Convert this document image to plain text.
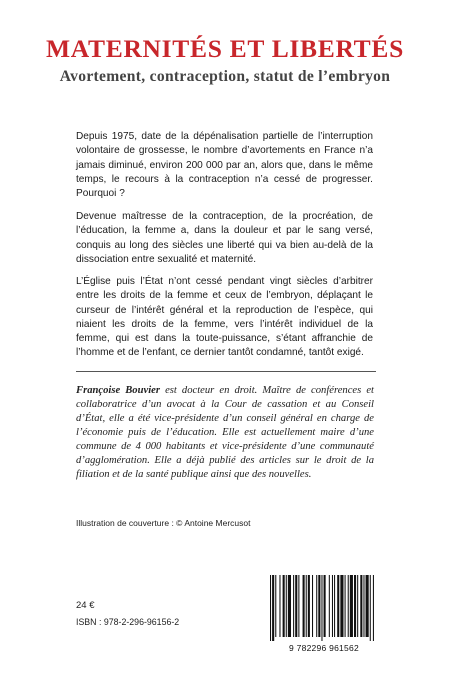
MATERNITÉS ET LIBERTÉS
Avortement, contraception, statut de l’embryon

Depuis 1975, date de la dépénalisation partielle de l’interruption volontaire de grossesse, le nombre d’avortements en France n’a jamais diminué, environ 200 000 par an, alors que, dans le même temps, le recours à la contraception n’a cessé de progresser. Pourquoi ?

Devenue maîtresse de la contraception, de la procréation, de l’éducation, la femme a, dans la douleur et par le sang versé, conquis au long des siècles une liberté qui va bien au-delà de la dissociation entre sexualité et maternité.

L’Église puis l’État n’ont cessé pendant vingt siècles d’arbitrer entre les droits de la femme et ceux de l’embryon, déplaçant le curseur de l’intérêt général et la reproduction de l’espèce, qui niaient les droits de la femme, vers l’intérêt individuel de la femme, qui est dans la toute-puissance, s’étant affranchie de l’homme et de l’enfant, ce dernier tantôt condamné, tantôt exigé.

Françoise Bouvier est docteur en droit. Maître de conférences et collaboratrice d’un avocat à la Cour de cassation et au Conseil d’État, elle a été vice-présidente d’un conseil général en charge de l’économie puis de l’éducation. Elle est actuellement maire d’une commune de 4 000 habitants et vice-présidente d’une communauté d’agglomération. Elle a déjà publié des articles sur le droit de la filiation et de la santé publique ainsi que des nouvelles.

Illustration de couverture : © Antoine Mercusot

24 €

ISBN : 978-2-296-96156-2

9 782296 961562
